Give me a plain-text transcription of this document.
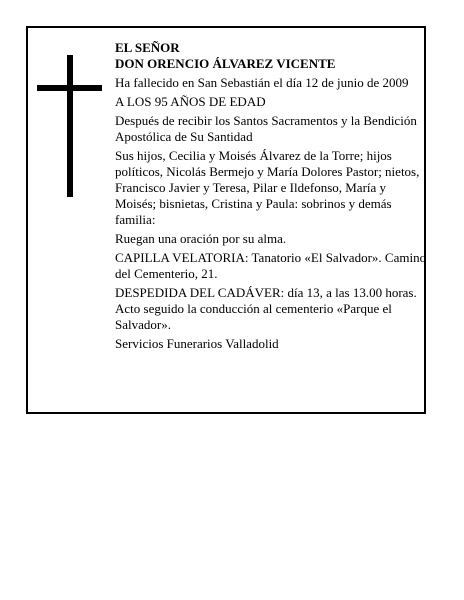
EL SEÑOR

DON ORENCIO ÁLVAREZ VICENTE

Ha fallecido en San Sebastián el día 12 de junio de 2009

A LOS 95 AÑOS DE EDAD

Después de recibir los Santos Sacramentos y la Bendición Apostólica de Su Santidad

Sus hijos, Cecilia y Moisés Álvarez de la Torre; hijos políticos, Nicolás Bermejo y María Dolores Pastor; nietos, Francisco Javier y Teresa, Pilar e Ildefonso, María y Moisés; bisnietas, Cristina y Paula: sobrinos y demás familia:

Ruegan una oración por su alma.

CAPILLA VELATORIA: Tanatorio «El Salvador». Camino del Cementerio, 21.

DESPEDIDA DEL CADÁVER: día 13, a las 13.00 horas. Acto seguido la conducción al cementerio «Parque el Salvador».

Servicios Funerarios Valladolid
